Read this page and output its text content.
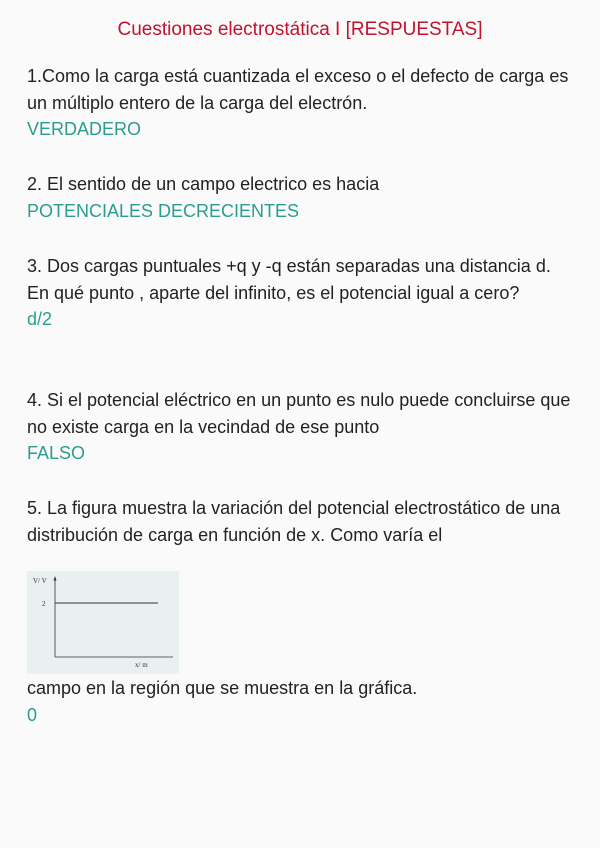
Cuestiones electrostática I [RESPUESTAS]
1.Como la carga está cuantizada el exceso o el defecto de carga es un múltiplo entero de la carga del electrón.
VERDADERO
2. El sentido de un campo electrico es hacia
POTENCIALES DECRECIENTES
3. Dos cargas puntuales +q y -q están separadas una distancia d. En qué punto , aparte del infinito, es el potencial igual a cero?
d/2
4. Si el potencial eléctrico en un punto es nulo puede concluirse que no existe carga en la vecindad de ese punto
FALSO
5. La figura muestra la variación del potencial electrostático de una distribución de carga en función de x. Como varía el
V/ V
2
x/ m
campo en la región que se muestra en la gráfica.
0
